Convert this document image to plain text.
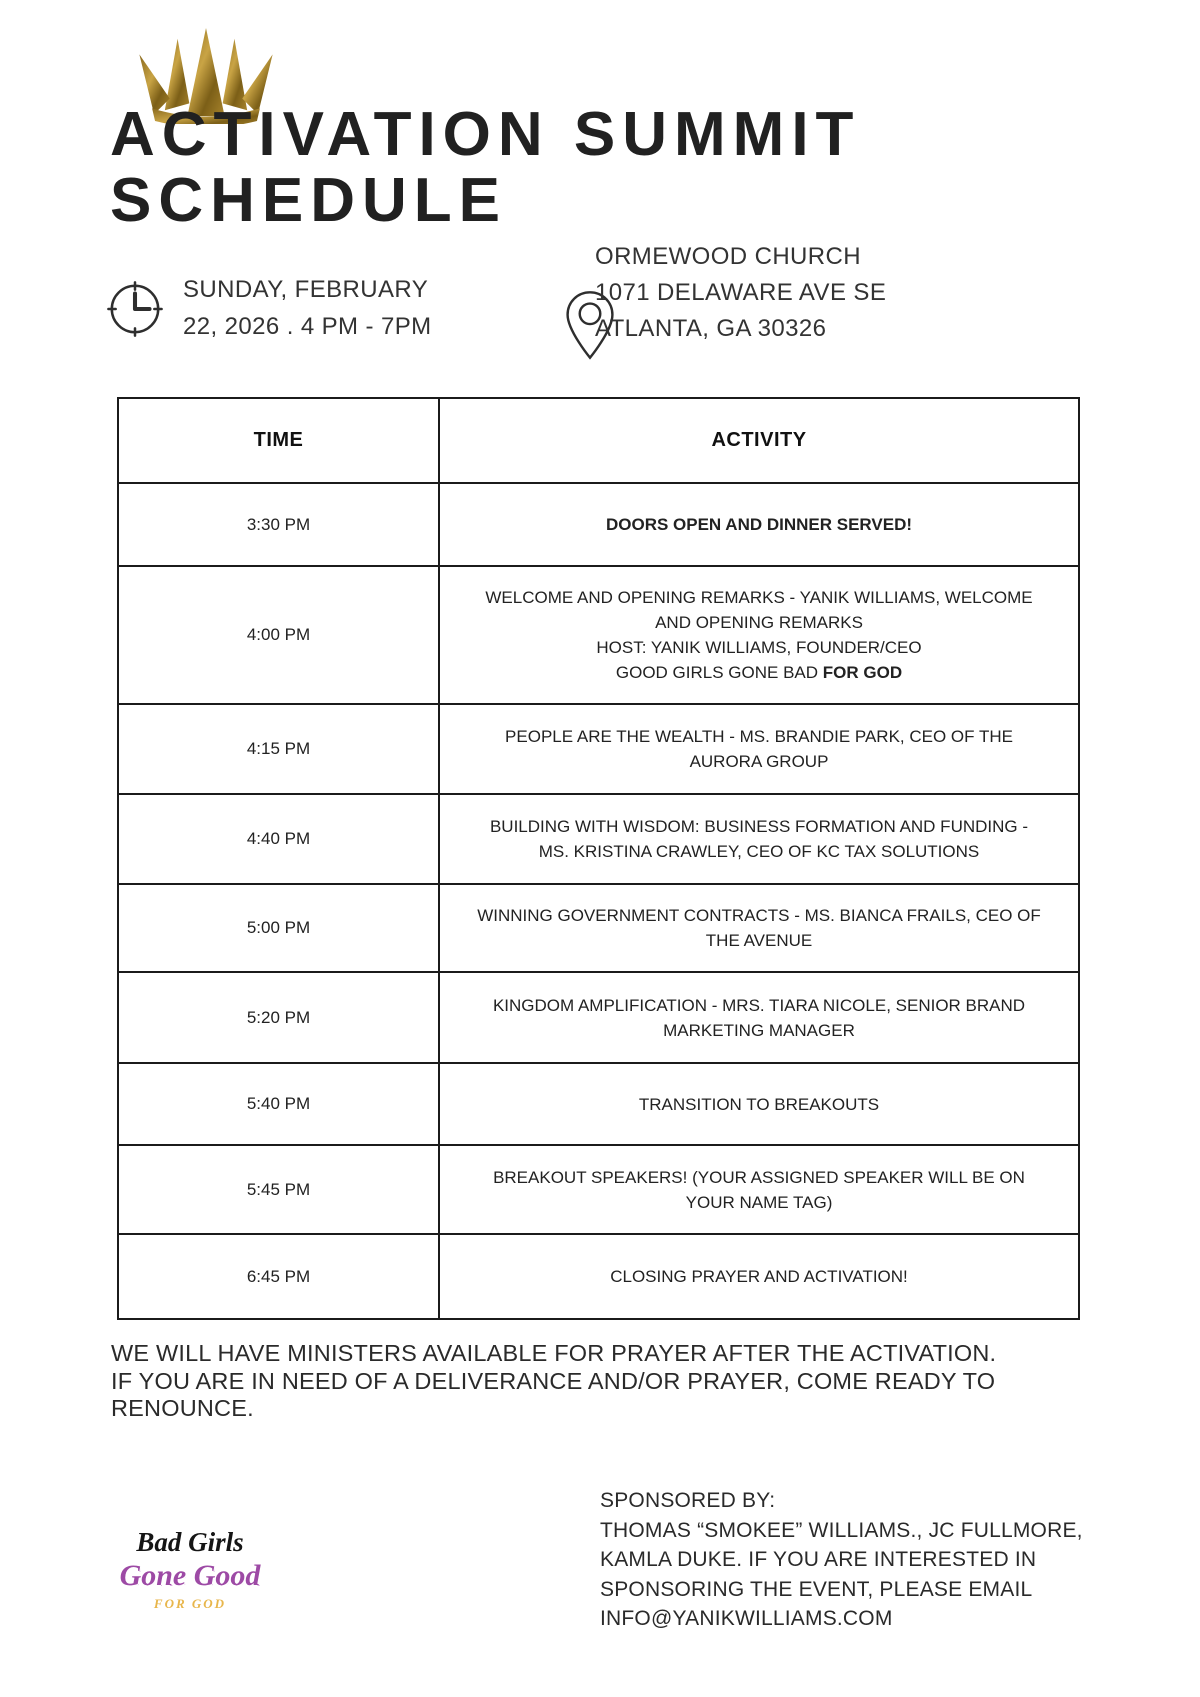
ACTIVATION SUMMIT SCHEDULE
SUNDAY, FEBRUARY
22, 2026 . 4 PM - 7PM
ORMEWOOD CHURCH
1071 DELAWARE AVE SE
ATLANTA, GA 30326
TIME	ACTIVITY
3:30 PM	DOORS OPEN AND DINNER SERVED!

4:00 PM	WELCOME AND OPENING REMARKS - YANIK WILLIAMS, WELCOME
AND OPENING REMARKS
HOST: YANIK WILLIAMS, FOUNDER/CEO
GOOD GIRLS GONE BAD FOR GOD

4:15 PM	PEOPLE ARE THE WEALTH - MS. BRANDIE PARK, CEO OF THE
AURORA GROUP

4:40 PM	BUILDING WITH WISDOM: BUSINESS FORMATION AND FUNDING -
MS. KRISTINA CRAWLEY, CEO OF KC TAX SOLUTIONS

5:00 PM	WINNING GOVERNMENT CONTRACTS - MS. BIANCA FRAILS, CEO OF
THE AVENUE

5:20 PM	KINGDOM AMPLIFICATION - MRS. TIARA NICOLE, SENIOR BRAND
MARKETING MANAGER

5:40 PM	TRANSITION TO BREAKOUTS

5:45 PM	BREAKOUT SPEAKERS! (YOUR ASSIGNED SPEAKER WILL BE ON
YOUR NAME TAG)

6:45 PM	CLOSING PRAYER AND ACTIVATION!
WE WILL HAVE MINISTERS AVAILABLE FOR PRAYER AFTER THE ACTIVATION.
IF YOU ARE IN NEED OF A DELIVERANCE AND/OR PRAYER, COME READY TO
RENOUNCE.
Bad Girls
Gone Good
FOR GOD
SPONSORED BY:
THOMAS “SMOKEE” WILLIAMS., JC FULLMORE,
KAMLA DUKE. IF YOU ARE INTERESTED IN
SPONSORING THE EVENT, PLEASE EMAIL
INFO@YANIKWILLIAMS.COM
